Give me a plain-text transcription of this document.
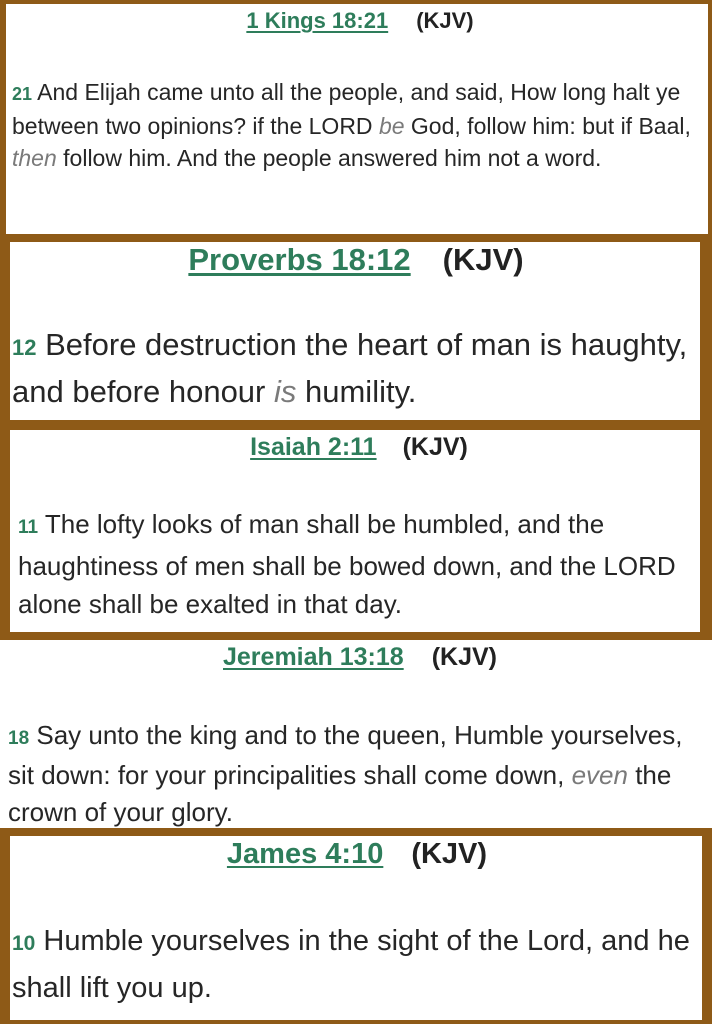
1 Kings 18:21 (KJV)

21 And Elijah came unto all the people, and said, How long halt ye between two opinions? if the LORD be God, follow him: but if Baal, then follow him. And the people answered him not a word.

Proverbs 18:12 (KJV)

12 Before destruction the heart of man is haughty, and before honour is humility.

Isaiah 2:11 (KJV)

11 The lofty looks of man shall be humbled, and the haughtiness of men shall be bowed down, and the LORD alone shall be exalted in that day.

Jeremiah 13:18 (KJV)

18 Say unto the king and to the queen, Humble yourselves, sit down: for your principalities shall come down, even the crown of your glory.

James 4:10 (KJV)

10 Humble yourselves in the sight of the Lord, and he shall lift you up.
